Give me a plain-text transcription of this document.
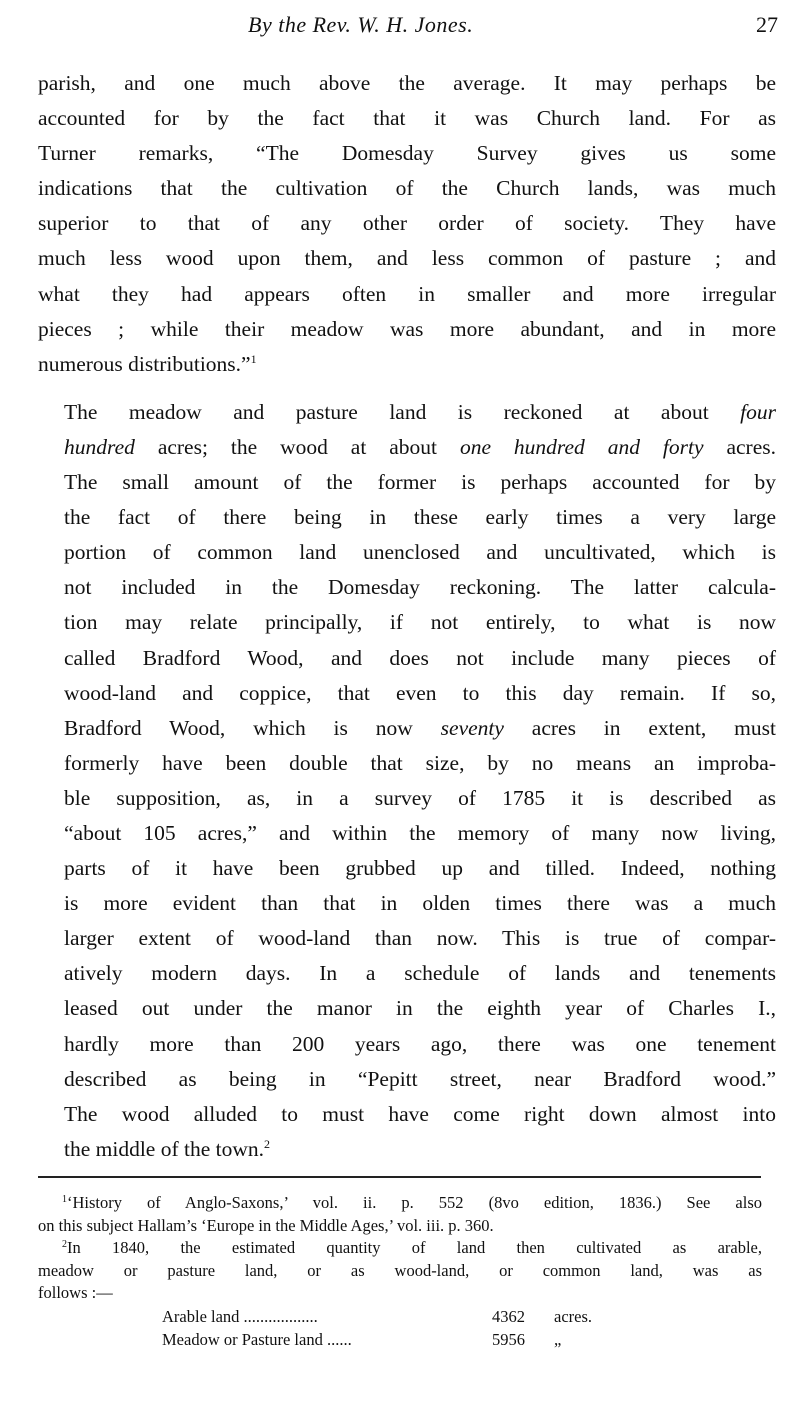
By the Rev. W. H. Jones.	27

parish, and one much above the average. It may perhaps be
accounted for by the fact that it was Church land. For as
Turner remarks, “The Domesday Survey gives us some
indications that the cultivation of the Church lands, was much
superior to that of any other order of society. They have
much less wood upon them, and less common of pasture ; and
what they had appears often in smaller and more irregular
pieces ; while their meadow was more abundant, and in more
numerous distributions.”$^1$

The meadow and pasture land is reckoned at about four
hundred acres; the wood at about one hundred and forty acres.
The small amount of the former is perhaps accounted for by
the fact of there being in these early times a very large
portion of common land unenclosed and uncultivated, which is
not included in the Domesday reckoning. The latter calcula-
tion may relate principally, if not entirely, to what is now
called Bradford Wood, and does not include many pieces of
wood-land and coppice, that even to this day remain. If so,
Bradford Wood, which is now seventy acres in extent, must
formerly have been double that size, by no means an improba-
ble supposition, as, in a survey of 1785 it is described as
“about 105 acres,” and within the memory of many now living,
parts of it have been grubbed up and tilled. Indeed, nothing
is more evident than that in olden times there was a much
larger extent of wood-land than now. This is true of compar-
atively modern days. In a schedule of lands and tenements
leased out under the manor in the eighth year of Charles I.,
hardly more than 200 years ago, there was one tenement
described as being in “Pepitt street, near Bradford wood.”
The wood alluded to must have come right down almost into
the middle of the town.$^2$

$^1$‘History of Anglo-Saxons,’ vol. ii. p. 552 (8vo edition, 1836.) See also
on this subject Hallam’s ‘Europe in the Middle Ages,’ vol. iii. p. 360.
$^2$In 1840, the estimated quantity of land then cultivated as arable,
meadow or pasture land, or as wood-land, or common land, was as
follows :—
Arable land ..................	4362	acres.
Meadow or Pasture land ......	5956	„
